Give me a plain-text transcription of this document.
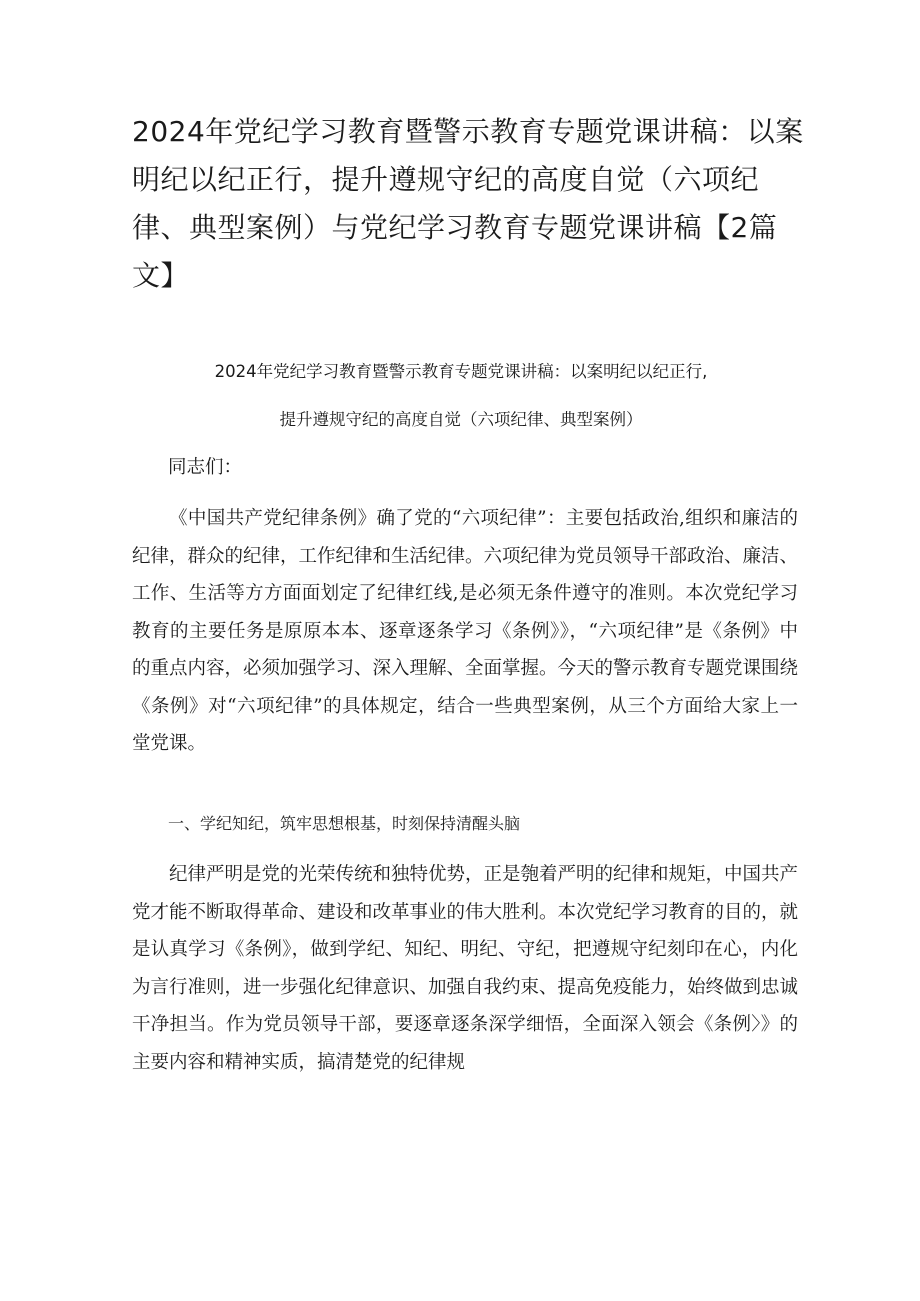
2024年党纪学习教育暨警示教育专题党课讲稿：以案明纪以纪正行，提升遵规守纪的高度自觉（六项纪律、典型案例）与党纪学习教育专题党课讲稿【2篇文】

2024年党纪学习教育暨警示教育专题党课讲稿：以案明纪以纪正行,

提升遵规守纪的高度自觉（六项纪律、典型案例）

同志们：

《中国共产党纪律条例》确了党的“六项纪律”：主要包括政治,组织和廉洁的纪律，群众的纪律，工作纪律和生活纪律。六项纪律为党员领导干部政治、廉洁、工作、生活等方方面面划定了纪律红线,是必须无条件遵守的准则。本次党纪学习教育的主要任务是原原本本、逐章逐条学习《条例》》，“六项纪律”是《条例》中的重点内容，必须加强学习、深入理解、全面掌握。今天的警示教育专题党课围绕《条例》对“六项纪律”的具体规定，结合一些典型案例，从三个方面给大家上一堂党课。

一、学纪知纪，筑牢思想根基，时刻保持清醒头脑

纪律严明是党的光荣传统和独特优势，正是匏着严明的纪律和规矩，中国共产党才能不断取得革命、建设和改革事业的伟大胜利。本次党纪学习教育的目的，就是认真学习《条例》，做到学纪、知纪、明纪、守纪，把遵规守纪刻印在心，内化为言行准则，进一步强化纪律意识、加强自我约束、提高免疫能力，始终做到忠诚干净担当。作为党员领导干部，要逐章逐条深学细悟，全面深入领会《条例〉》的主要内容和精神实质，搞清楚党的纪律规
